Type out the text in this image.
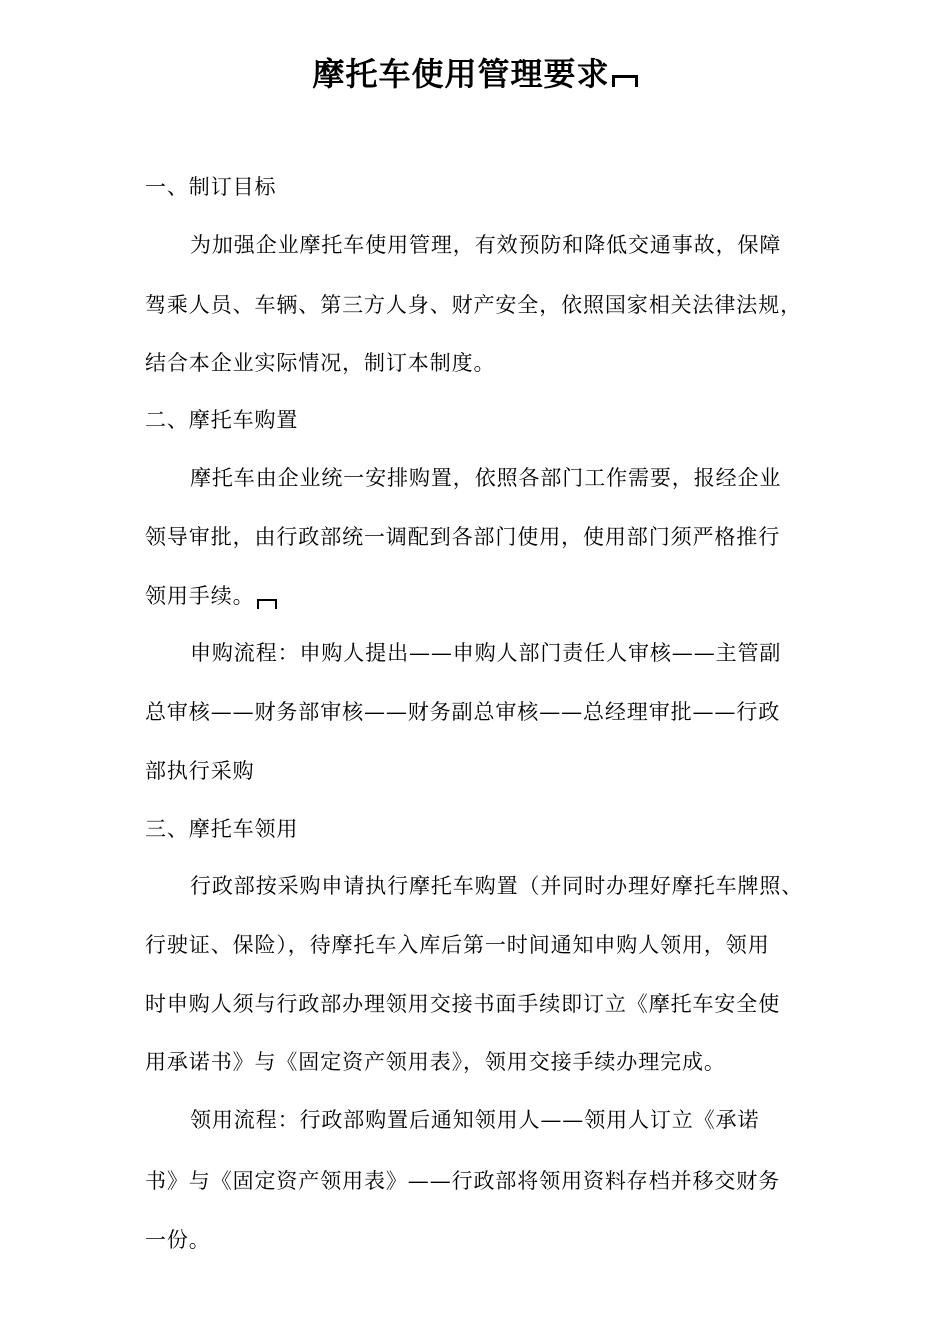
摩托车使用管理要求
一、制订目标
为加强企业摩托车使用管理，有效预防和降低交通事故，保障
驾乘人员、车辆、第三方人身、财产安全，依照国家相关法律法规，
结合本企业实际情况，制订本制度。
二、摩托车购置
摩托车由企业统一安排购置，依照各部门工作需要，报经企业
领导审批，由行政部统一调配到各部门使用，使用部门须严格推行
领用手续。
申购流程：申购人提出——申购人部门责任人审核——主管副
总审核——财务部审核——财务副总审核——总经理审批——行政
部执行采购
三、摩托车领用
行政部按采购申请执行摩托车购置（并同时办理好摩托车牌照、
行驶证、保险），待摩托车入库后第一时间通知申购人领用，领用
时申购人须与行政部办理领用交接书面手续即订立《摩托车安全使
用承诺书》与《固定资产领用表》，领用交接手续办理完成。
领用流程：行政部购置后通知领用人——领用人订立《承诺
书》与《固定资产领用表》——行政部将领用资料存档并移交财务
一份。
